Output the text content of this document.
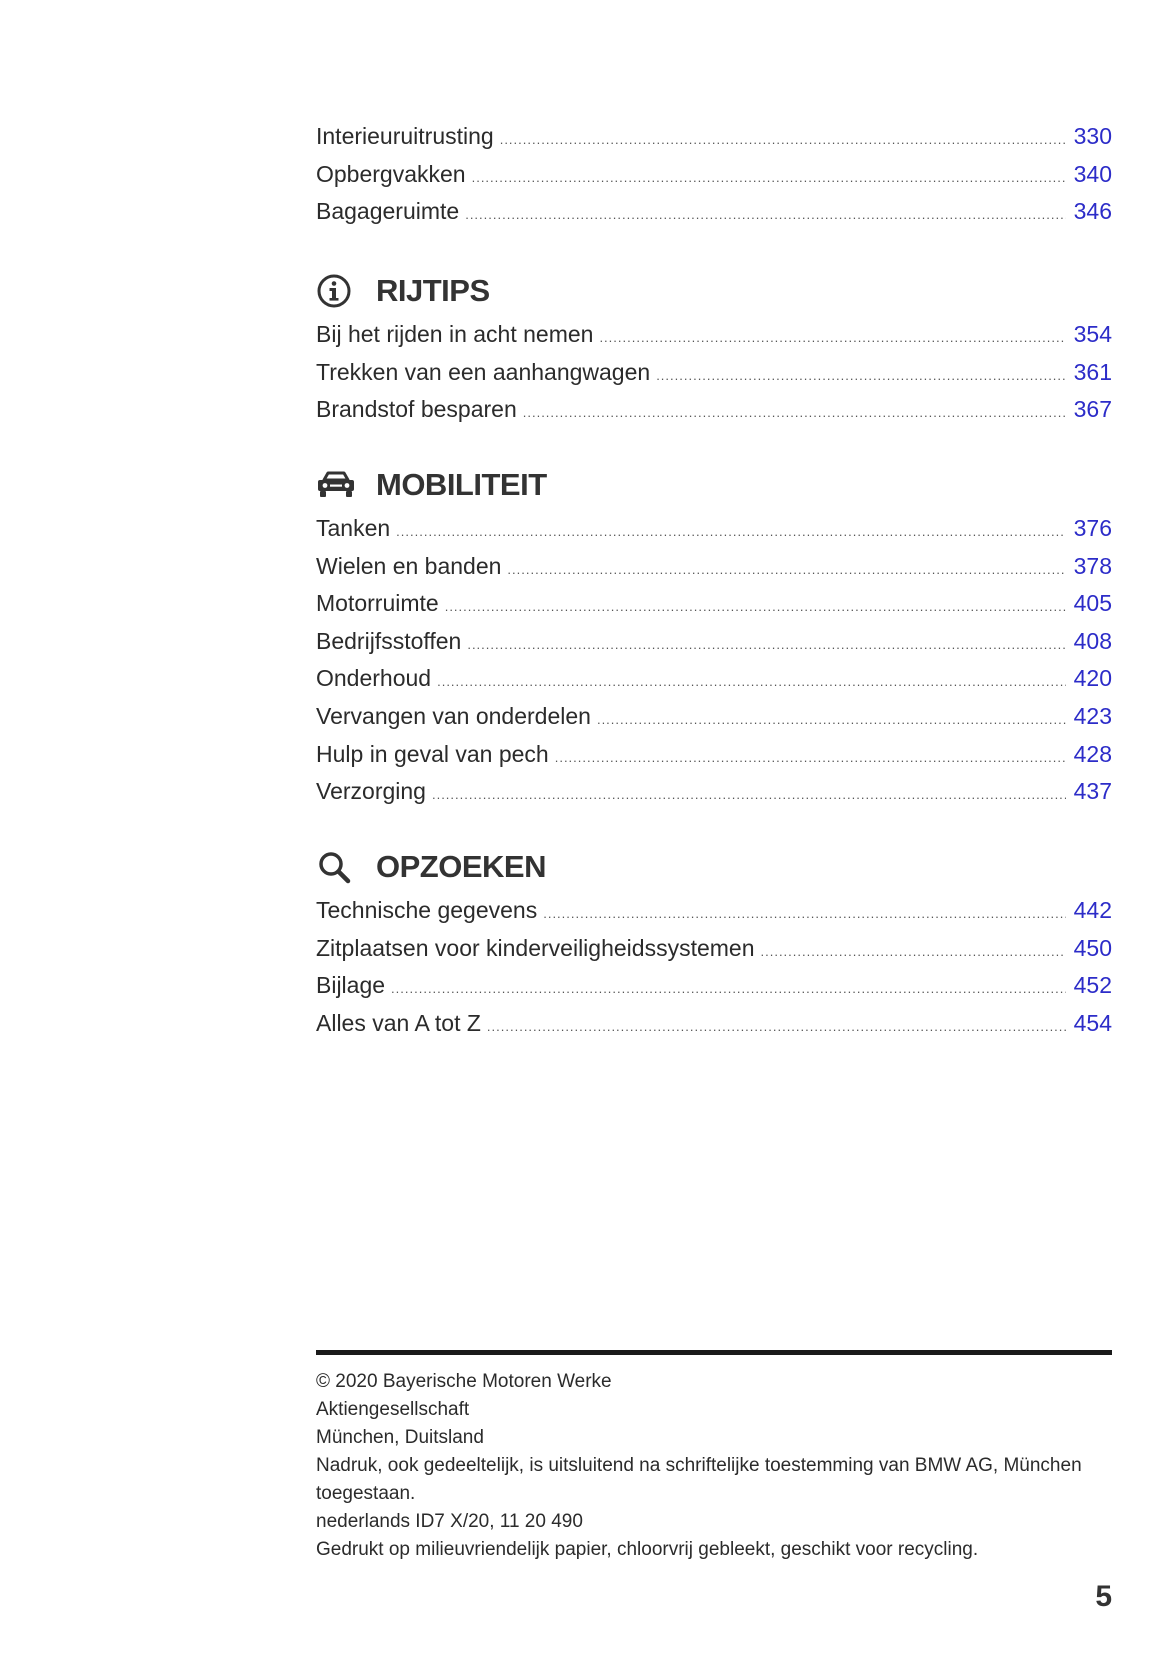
Interieuruitrusting .....	330
Opbergvakken .....	340
Bagageruimte .....	346
RIJTIPS
Bij het rijden in acht nemen .....	354
Trekken van een aanhangwagen .....	361
Brandstof besparen .....	367
MOBILITEIT
Tanken .....	376
Wielen en banden .....	378
Motorruimte .....	405
Bedrijfsstoffen .....	408
Onderhoud .....	420
Vervangen van onderdelen .....	423
Hulp in geval van pech .....	428
Verzorging .....	437
OPZOEKEN
Technische gegevens .....	442
Zitplaatsen voor kinderveiligheidssystemen .....	450
Bijlage .....	452
Alles van A tot Z .....	454
© 2020 Bayerische Motoren Werke
Aktiengesellschaft
München, Duitsland
Nadruk, ook gedeeltelijk, is uitsluitend na schriftelijke toestemming van BMW AG, München toegestaan.
nederlands ID7 X/20, 11 20 490
Gedrukt op milieuvriendelijk papier, chloorvrij gebleekt, geschikt voor recycling.
5
